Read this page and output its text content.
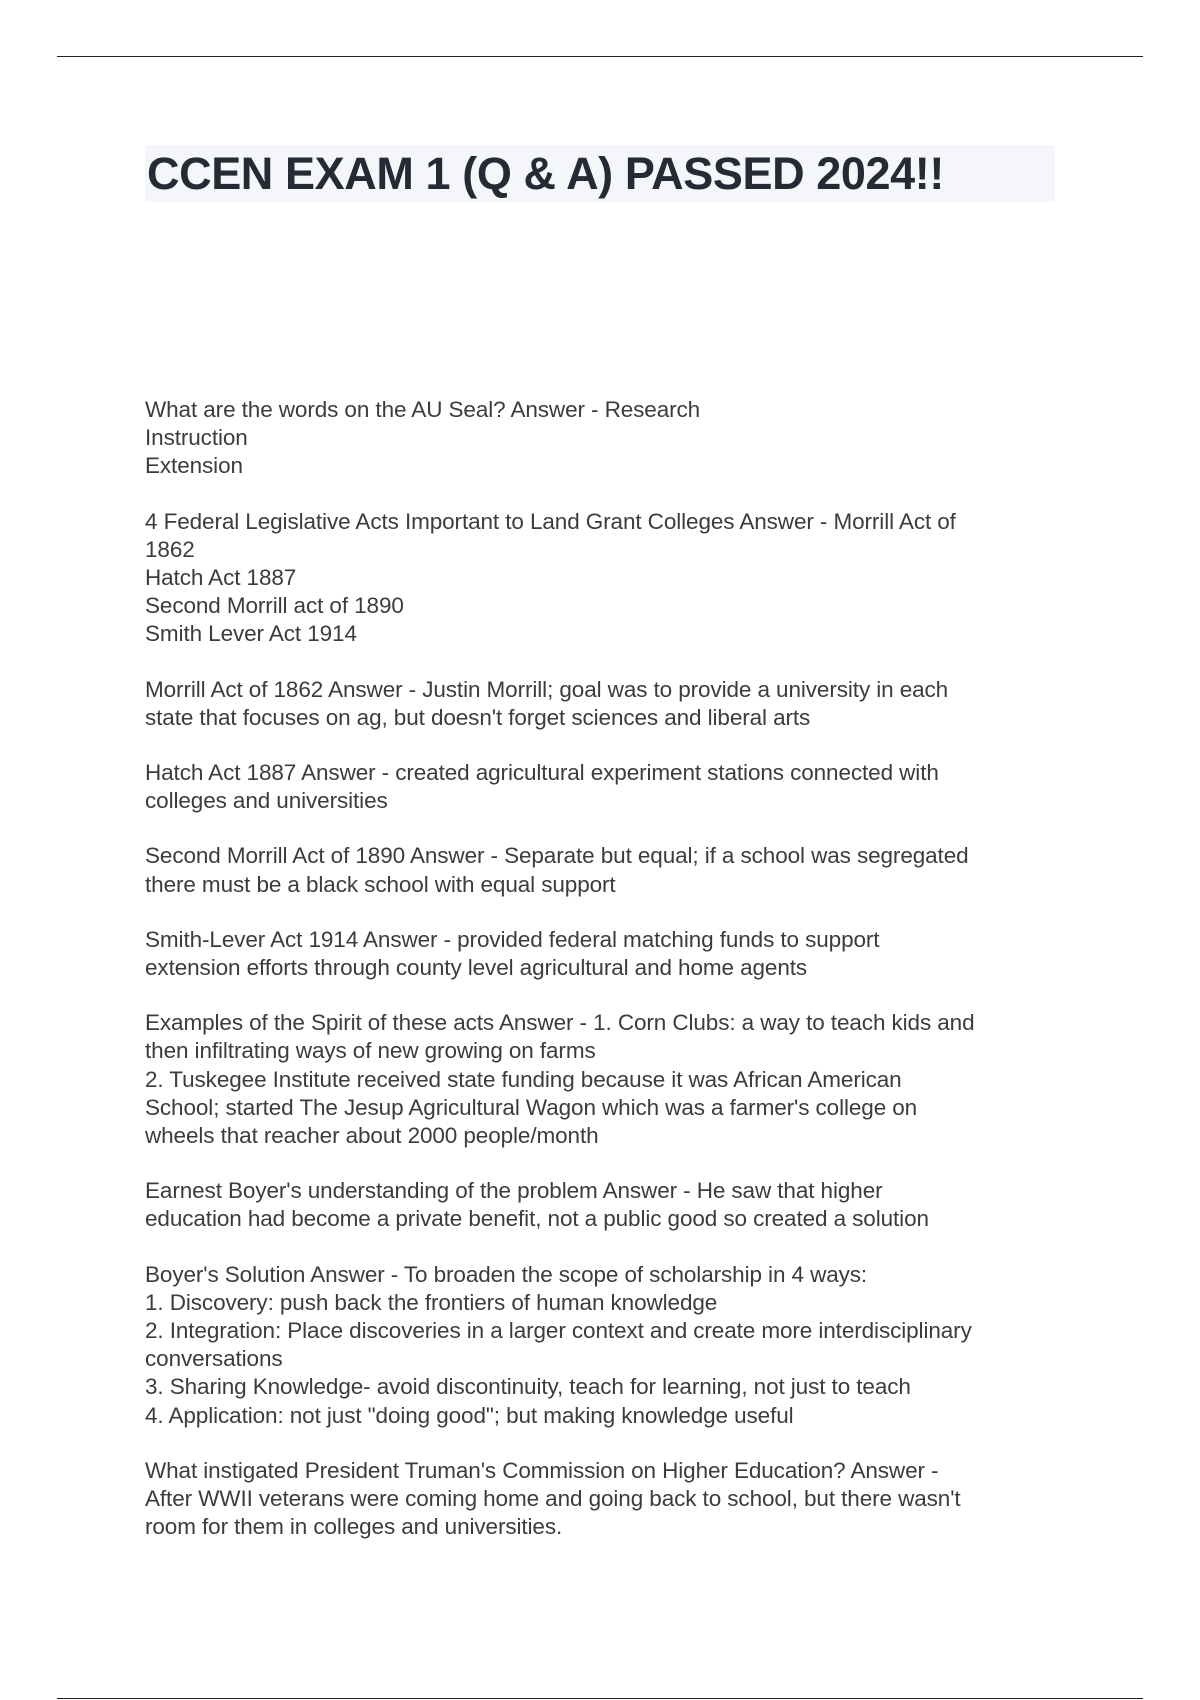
CCEN EXAM 1 (Q & A) PASSED 2024!!

What are the words on the AU Seal? Answer - Research
Instruction
Extension

4 Federal Legislative Acts Important to Land Grant Colleges Answer - Morrill Act of
1862
Hatch Act 1887
Second Morrill act of 1890
Smith Lever Act 1914

Morrill Act of 1862 Answer - Justin Morrill; goal was to provide a university in each
state that focuses on ag, but doesn't forget sciences and liberal arts

Hatch Act 1887 Answer - created agricultural experiment stations connected with
colleges and universities

Second Morrill Act of 1890 Answer - Separate but equal; if a school was segregated
there must be a black school with equal support

Smith-Lever Act 1914 Answer - provided federal matching funds to support
extension efforts through county level agricultural and home agents

Examples of the Spirit of these acts Answer - 1. Corn Clubs: a way to teach kids and
then infiltrating ways of new growing on farms
2. Tuskegee Institute received state funding because it was African American
School; started The Jesup Agricultural Wagon which was a farmer's college on
wheels that reacher about 2000 people/month

Earnest Boyer's understanding of the problem Answer - He saw that higher
education had become a private benefit, not a public good so created a solution

Boyer's Solution Answer - To broaden the scope of scholarship in 4 ways:
1. Discovery: push back the frontiers of human knowledge
2. Integration: Place discoveries in a larger context and create more interdisciplinary
conversations
3. Sharing Knowledge- avoid discontinuity, teach for learning, not just to teach
4. Application: not just "doing good"; but making knowledge useful

What instigated President Truman's Commission on Higher Education? Answer -
After WWII veterans were coming home and going back to school, but there wasn't
room for them in colleges and universities.
